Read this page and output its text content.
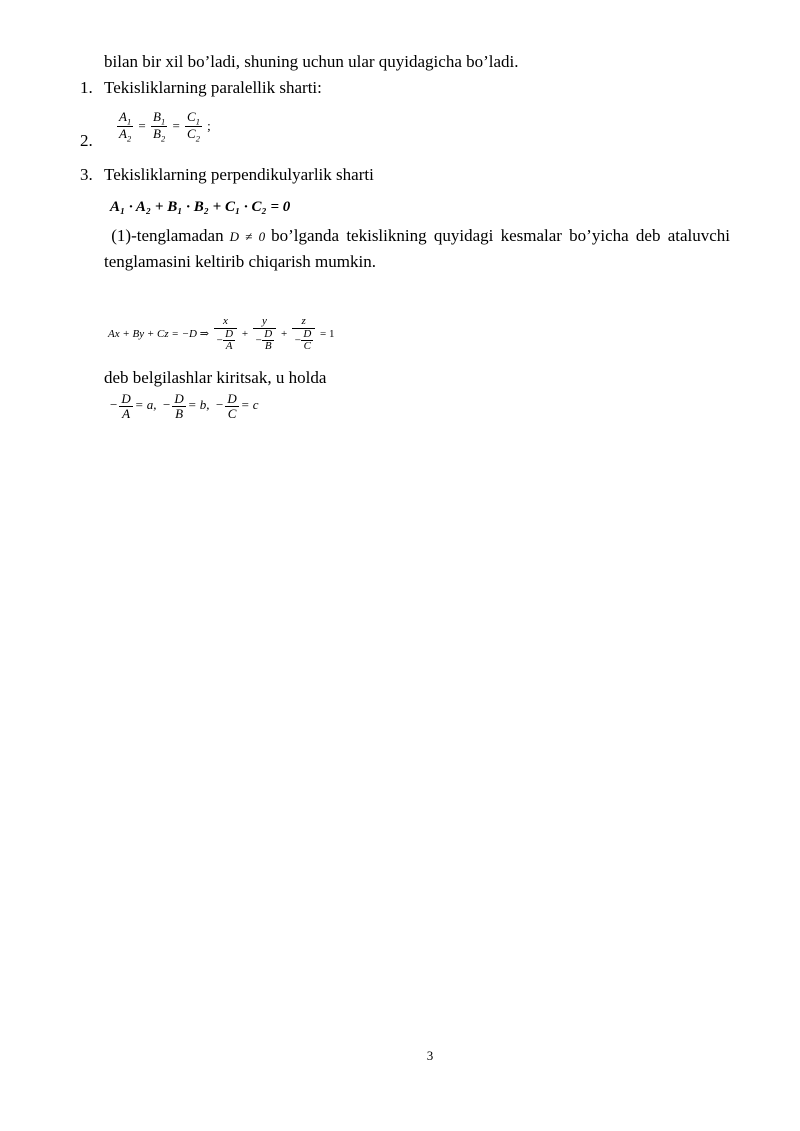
bilan bir xil bo’ladi, shuning uchun ular quyidagicha bo’ladi.
1. Tekisliklarning paralellik sharti:
2. $\frac{A_1}{A_2} = \frac{B_1}{B_2} = \frac{C_1}{C_2}$ ;
3. Tekisliklarning perpendikulyarlik sharti
A₁ · A₂ + B₁ · B₂ + C₁ · C₂ = 0
(1)-tenglamadan D ≠ 0 bo’lganda tekislikning quyidagi kesmalar bo’yicha deb ataluvchi tenglamasini keltirib chiqarish mumkin.
Ax + By + Cz = −D ⇒ $\frac{x}{- \frac{D}{A}} + \frac{y}{- \frac{D}{B}} + \frac{z}{- \frac{D}{C}} = 1$
deb belgilashlar kiritsak, u holda
− $\frac{D}{A} = a$, − $\frac{D}{B} = b$, − $\frac{D}{C} = c$
3
